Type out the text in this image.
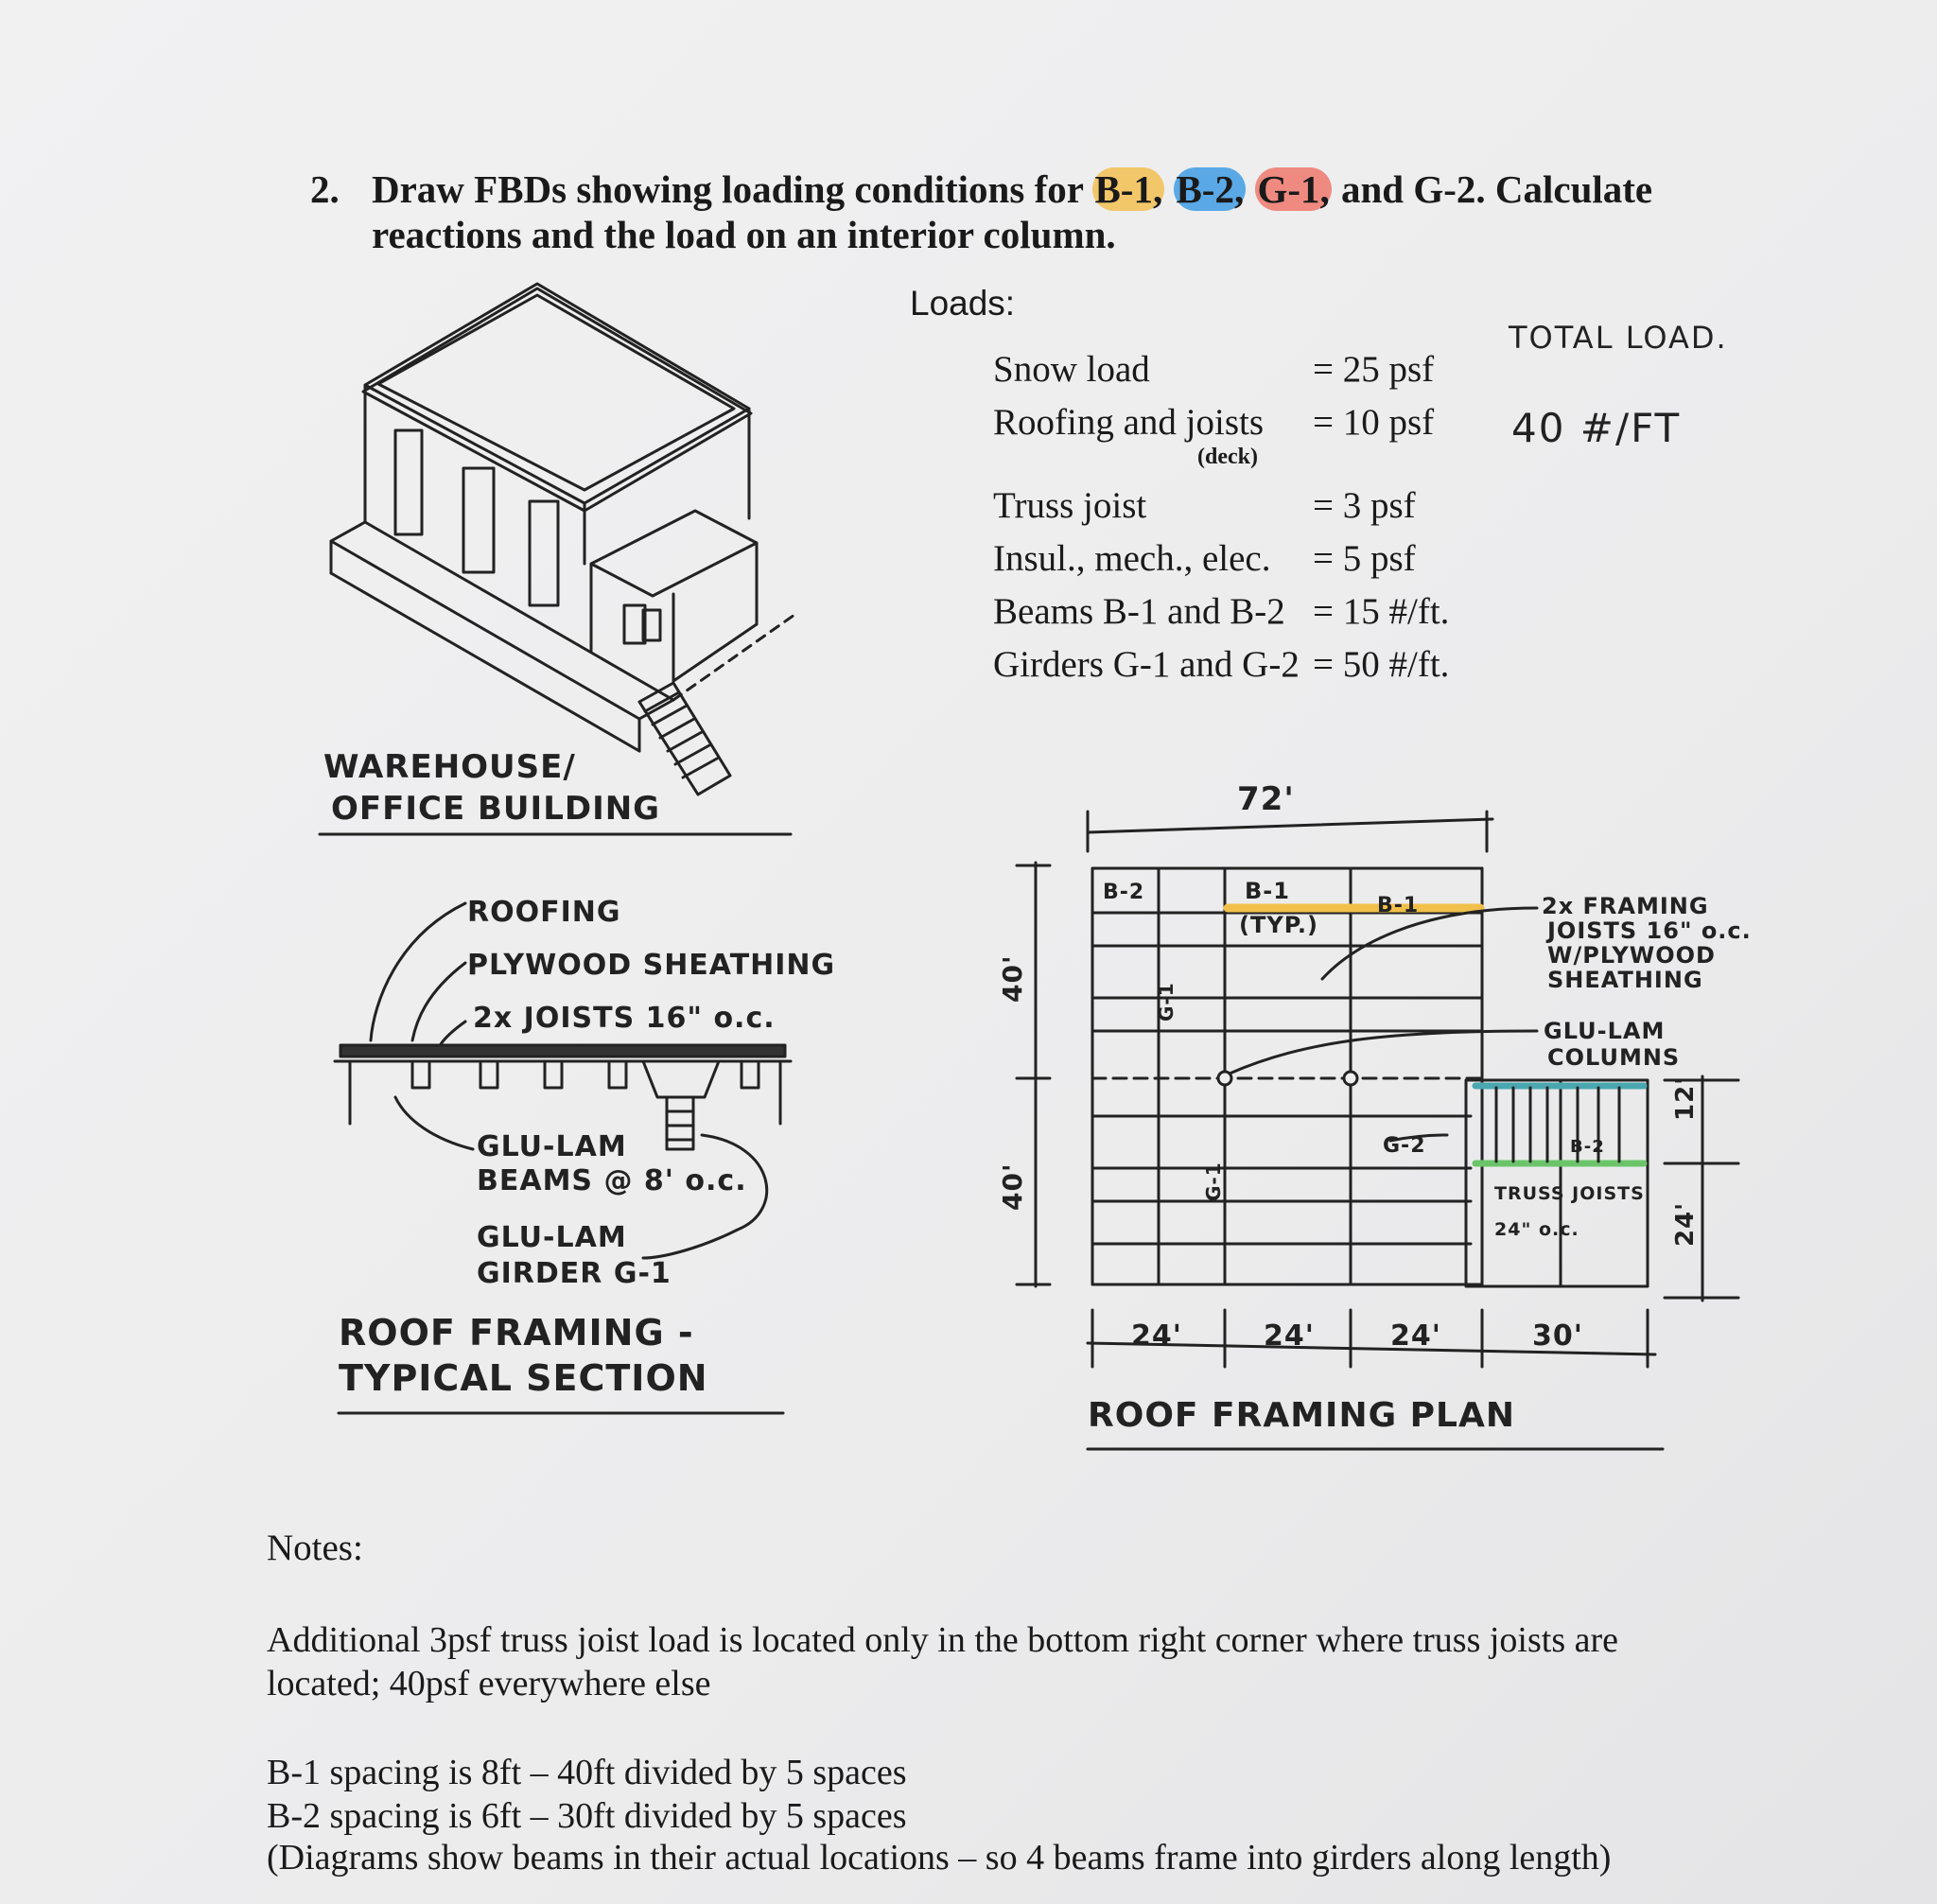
2. Draw FBDs showing loading conditions for B-1, B-2, G-1, and G-2. Calculate
reactions and the load on an interior column.
Loads:
Snow load	= 25 psf
Roofing and joists = 10 psf
(deck)
Truss joist	= 3 psf
Insul., mech., elec. = 5 psf
Beams B-1 and B-2 = 15 #/ft.
Girders G-1 and G-2 = 50 #/ft.
TOTAL LOAD.
40 #/FT
WAREHOUSE/
OFFICE BUILDING
ROOFING
PLYWOOD SHEATHING
2x JOISTS 16" o.c.
GLU-LAM
BEAMS @ 8' o.c.
GLU-LAM
GIRDER G-1
ROOF FRAMING -
TYPICAL SECTION
72'
40'
40'
24'	24'	24'	30'
12'
24'
B-2	B-1
(TYP.)
B-1
G-1
G-1
G-2	B-2
TRUSS JOISTS
24" o.c.
2x FRAMING
JOISTS 16" o.c.
W/PLYWOOD
SHEATHING
GLU-LAM
COLUMNS
ROOF FRAMING PLAN
Notes:
Additional 3psf truss joist load is located only in the bottom right corner where truss joists are
located; 40psf everywhere else
B-1 spacing is 8ft – 40ft divided by 5 spaces
B-2 spacing is 6ft – 30ft divided by 5 spaces
(Diagrams show beams in their actual locations – so 4 beams frame into girders along length)
